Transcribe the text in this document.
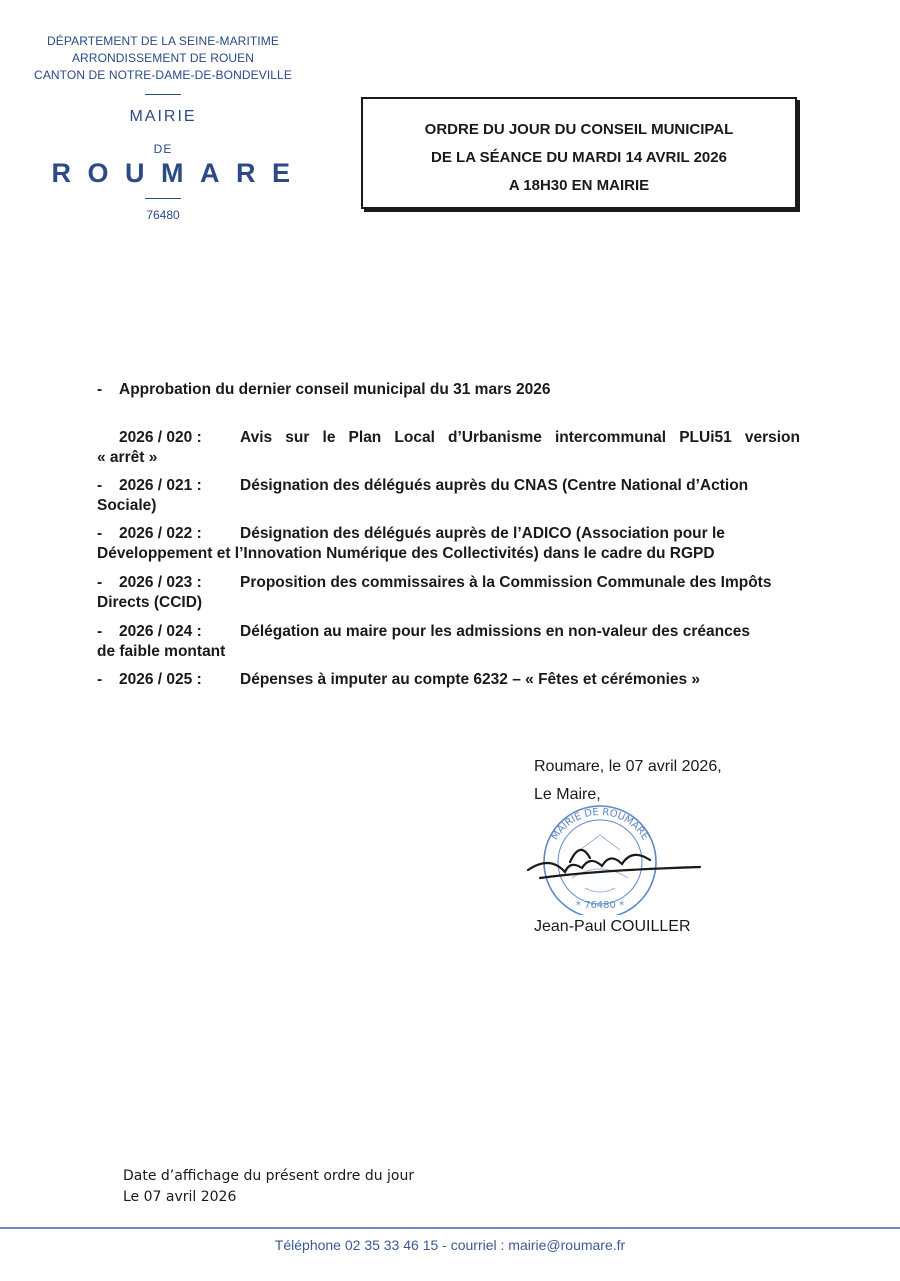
DÉPARTEMENT DE LA SEINE-MARITIME
ARRONDISSEMENT DE ROUEN
CANTON DE NOTRE-DAME-DE-BONDEVILLE
MAIRIE
DE
ROUMARE
76480
ORDRE DU JOUR DU CONSEIL MUNICIPAL
DE LA SÉANCE DU MARDI 14 AVRIL 2026
A 18H30 EN MAIRIE
- Approbation du dernier conseil municipal du 31 mars 2026
2026 / 020 : Avis sur le Plan Local d’Urbanisme intercommunal PLUi51 version
« arrêt »
- 2026 / 021 : Désignation des délégués auprès du CNAS (Centre National d’Action
Sociale)
- 2026 / 022 : Désignation des délégués auprès de l’ADICO (Association pour le
Développement et l’Innovation Numérique des Collectivités) dans le cadre du RGPD
- 2026 / 023 : Proposition des commissaires à la Commission Communale des Impôts
Directs (CCID)
- 2026 / 024 : Délégation au maire pour les admissions en non-valeur des créances
de faible montant
- 2026 / 025 : Dépenses à imputer au compte 6232 – « Fêtes et cérémonies »
Roumare, le 07 avril 2026,
Le Maire,
MAIRIE DE ROUMARE
* 76480 *
Jean-Paul COUILLER
Date d’affichage du présent ordre du jour
Le 07 avril 2026
Téléphone 02 35 33 46 15 - courriel : mairie@roumare.fr
